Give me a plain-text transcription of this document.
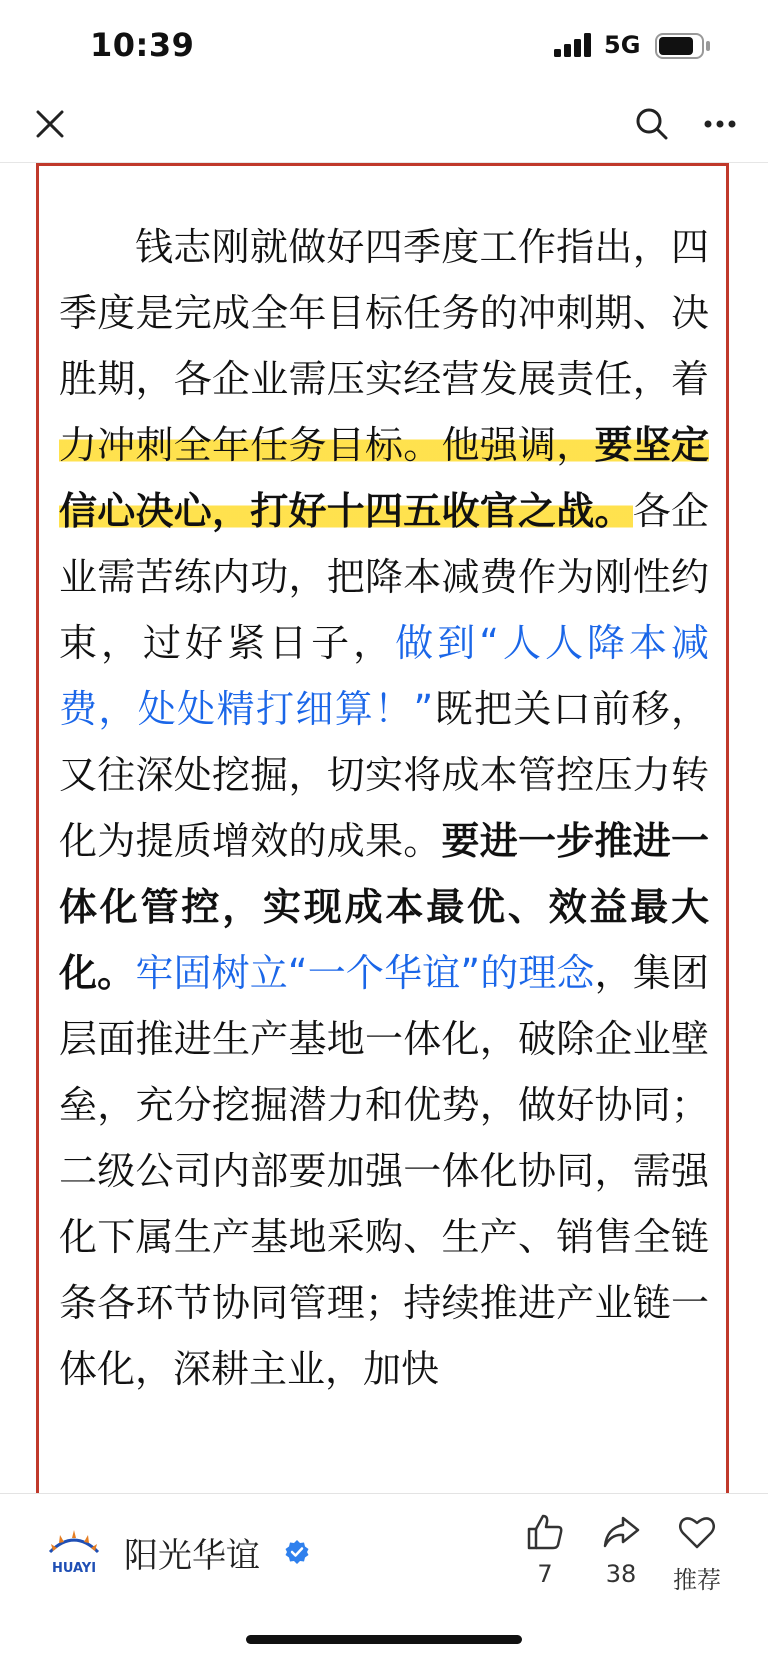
10:39	5G

钱志刚就做好四季度工作指出，四季度是完成全年目标任务的冲刺期、决胜期，各企业需压实经营发展责任，着力冲刺全年任务目标。他强调，要坚定信心决心，打好十四五收官之战。各企业需苦练内功，把降本减费作为刚性约束，过好紧日子，做到“人人降本减费，处处精打细算！”既把关口前移，又往深处挖掘，切实将成本管控压力转化为提质增效的成果。要进一步推进一体化管控，实现成本最优、效益最大化。牢固树立“一个华谊”的理念，集团层面推进生产基地一体化，破除企业壁垒，充分挖掘潜力和优势，做好协同；二级公司内部要加强一体化协同，需强化下属生产基地采购、生产、销售全链条各环节协同管理；持续推进产业链一体化，深耕主业，加快

HUAYI 阳光华谊	7	38	推荐
